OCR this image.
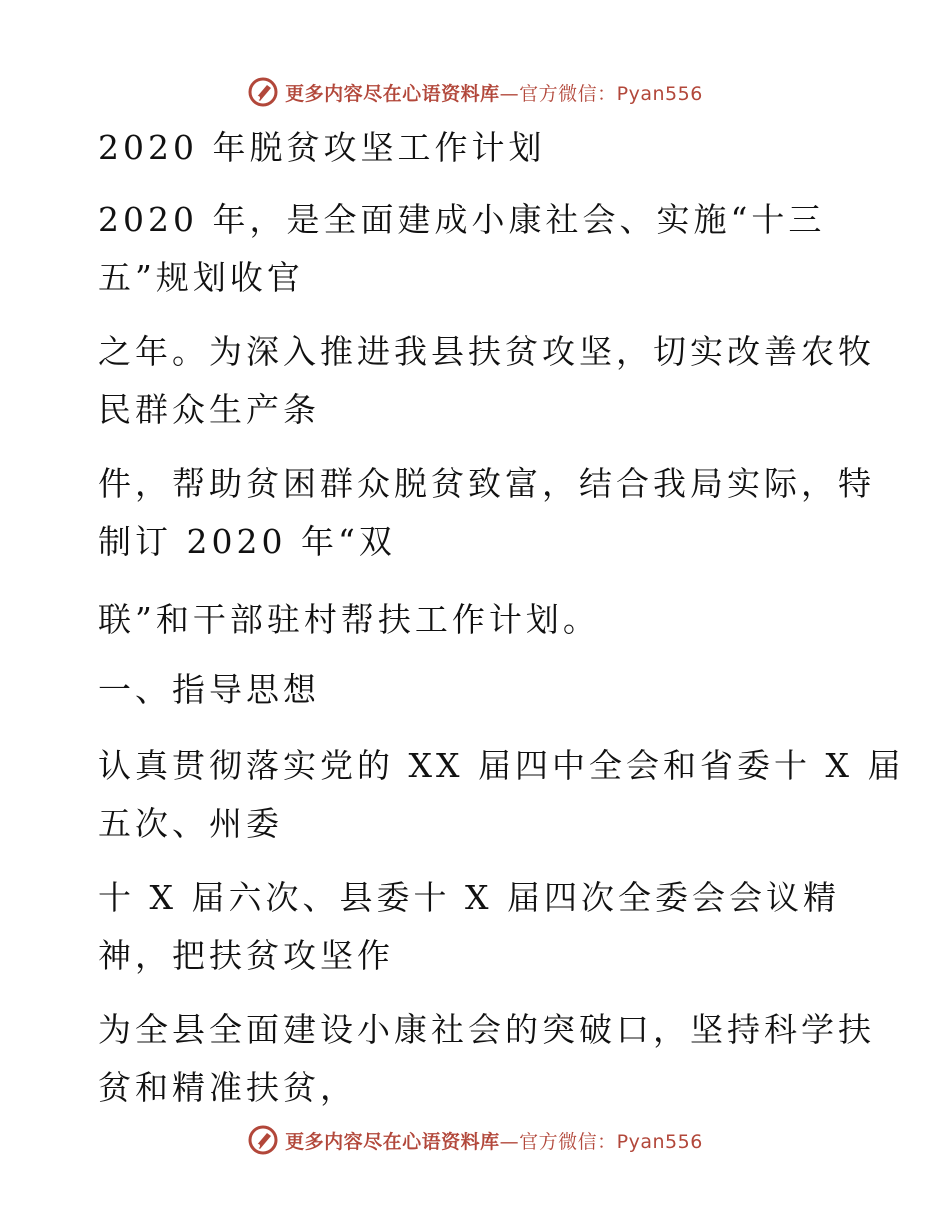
更多内容尽在心语资料库—官方微信：Pyan556
2020 年脱贫攻坚工作计划
2020 年，是全面建成小康社会、实施“十三
五”规划收官
之年。为深入推进我县扶贫攻坚，切实改善农牧
民群众生产条
件，帮助贫困群众脱贫致富，结合我局实际，特
制订 2020 年“双
联”和干部驻村帮扶工作计划。
一、指导思想
认真贯彻落实党的 XX 届四中全会和省委十 X 届
五次、州委
十 X 届六次、县委十 X 届四次全委会会议精
神，把扶贫攻坚作
为全县全面建设小康社会的突破口，坚持科学扶
贫和精准扶贫，
更多内容尽在心语资料库—官方微信：Pyan556
